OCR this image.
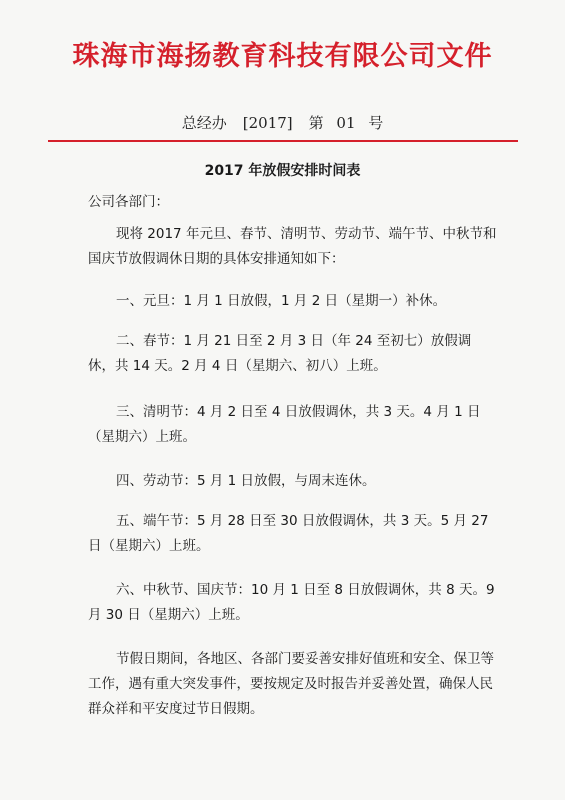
珠海市海扬教育科技有限公司文件
总经办 [2017] 第 01 号
2017 年放假安排时间表
公司各部门：

现将 2017 年元旦、春节、清明节、劳动节、端午节、中秋节和国庆节放假调休日期的具体安排通知如下：

一、元旦：1 月 1 日放假，1 月 2 日（星期一）补休。

二、春节：1 月 21 日至 2 月 3 日（年 24 至初七）放假调休，共 14 天。2 月 4 日（星期六、初八）上班。

三、清明节：4 月 2 日至 4 日放假调休，共 3 天。4 月 1 日（星期六）上班。

四、劳动节：5 月 1 日放假，与周末连休。

五、端午节：5 月 28 日至 30 日放假调休，共 3 天。5 月 27 日（星期六）上班。

六、中秋节、国庆节：10 月 1 日至 8 日放假调休，共 8 天。9 月 30 日（星期六）上班。

节假日期间，各地区、各部门要妥善安排好值班和安全、保卫等工作，遇有重大突发事件，要按规定及时报告并妥善处置，确保人民群众祥和平安度过节日假期。
